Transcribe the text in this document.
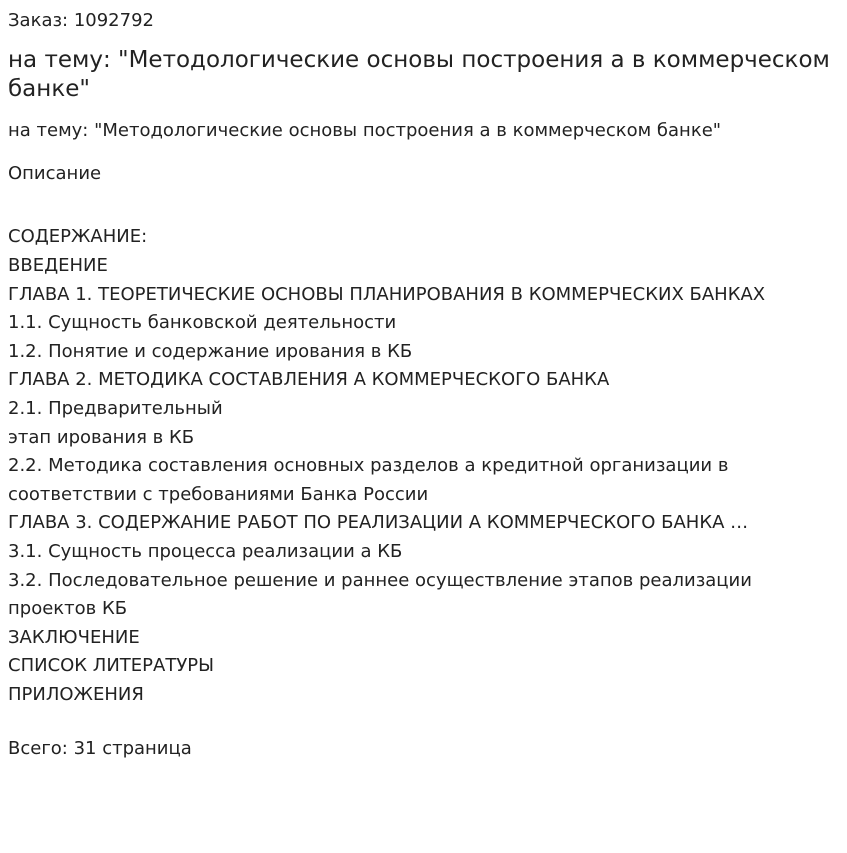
Заказ: 1092792
на тему: "Методологические основы построения а в коммерческом банке"
на тему: "Методологические основы построения а в коммерческом банке"
Описание
СОДЕРЖАНИЕ:
ВВЕДЕНИЕ
ГЛАВА 1. ТЕОРЕТИЧЕСКИЕ ОСНОВЫ ПЛАНИРОВАНИЯ В КОММЕРЧЕСКИХ БАНКАХ
1.1. Сущность банковской деятельности
1.2. Понятие и содержание ирования в КБ
ГЛАВА 2. МЕТОДИКА СОСТАВЛЕНИЯ А КОММЕРЧЕСКОГО БАНКА
2.1. Предварительный
этап ирования в КБ
2.2. Методика составления основных разделов а кредитной организации в соответствии с требованиями Банка России
ГЛАВА 3. СОДЕРЖАНИЕ РАБОТ ПО РЕАЛИЗАЦИИ А КОММЕРЧЕСКОГО БАНКА …
3.1. Сущность процесса реализации а КБ
3.2. Последовательное решение и раннее осуществление этапов реализации проектов КБ
ЗАКЛЮЧЕНИЕ
СПИСОК ЛИТЕРАТУРЫ
ПРИЛОЖЕНИЯ
Всего: 31 страница
